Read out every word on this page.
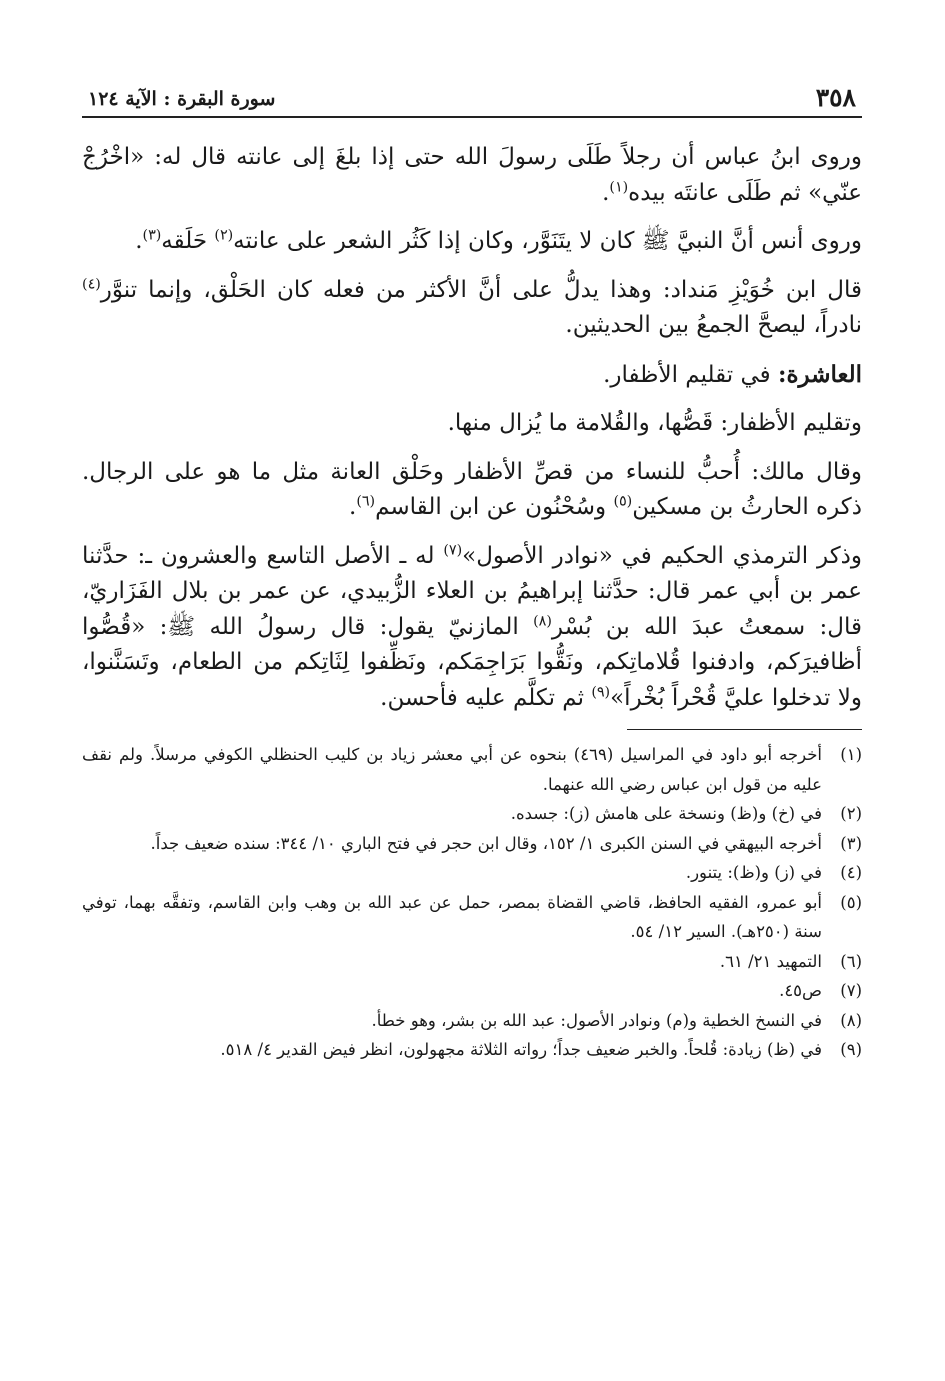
٣٥٨
سورة البقرة : الآية ١٢٤

وروى ابنُ عباس أن رجلاً طَلَى رسولَ الله حتى إذا بلغَ إلى عانته قال له: «اخْرُجْ عنّي» ثم طَلَى عانتَه بيده$^{(١)}$.

وروى أنس أنَّ النبيَّ ﷺ كان لا يتَنَوَّر، وكان إذا كَثُر الشعر على عانته$^{(٢)}$ حَلَقه$^{(٣)}$.

قال ابن خُوَيْزِ مَنداد: وهذا يدلُّ على أنَّ الأكثر من فعله كان الحَلْق، وإنما تنوَّر$^{(٤)}$ نادراً، ليصحَّ الجمعُ بين الحديثين.

العاشرة: في تقليم الأظفار.

وتقليم الأظفار: قَصُّها، والقُلامة ما يُزال منها.

وقال مالك: أُحبُّ للنساء من قصِّ الأظفار وحَلْق العانة مثل ما هو على الرجال. ذكره الحارثُ بن مسكين$^{(٥)}$ وسُحْنُون عن ابن القاسم$^{(٦)}$.

وذكر الترمذي الحكيم في «نوادر الأصول»$^{(٧)}$ له ـ الأصل التاسع والعشرون ـ: حدَّثنا عمر بن أبي عمر قال: حدَّثنا إبراهيمُ بن العلاء الزُّبيدي، عن عمر بن بلال الفَزَاريّ، قال: سمعتُ عبدَ الله بن بُسْر$^{(٨)}$ المازنيّ يقول: قال رسولُ الله ﷺ: «قُصُّوا أظافيرَكم، وادفنوا قُلاماتِكم، ونَقُّوا بَرَاجِمَكم، ونَظِّفوا لِثَاتِكم من الطعام، وتَسَنَّنوا، ولا تدخلوا عليَّ قُحْراً بُخْراً»$^{(٩)}$ ثم تكلَّم عليه فأحسن.

(١)
أخرجه أبو داود في المراسيل (٤٦٩) بنحوه عن أبي معشر زياد بن كليب الحنظلي الكوفي مرسلاً. ولم نقف عليه من قول ابن عباس رضي الله عنهما.
(٢)
في (خ) و(ظ) ونسخة على هامش (ز): جسده.
(٣)
أخرجه البيهقي في السنن الكبرى ١/ ١٥٢، وقال ابن حجر في فتح الباري ١٠/ ٣٤٤: سنده ضعيف جداً.
(٤)
في (ز) و(ظ): يتنور.
(٥)
أبو عمرو، الفقيه الحافظ، قاضي القضاة بمصر، حمل عن عبد الله بن وهب وابن القاسم، وتفقَّه بهما، توفي سنة (٢٥٠هـ). السير ١٢/ ٥٤.
(٦)
التمهيد ٢١/ ٦١.
(٧)
ص٤٥.
(٨)
في النسخ الخطية و(م) ونوادر الأصول: عبد الله بن بشر، وهو خطأ.
(٩)
في (ظ) زيادة: قُلحاً. والخبر ضعيف جداً؛ رواته الثلاثة مجهولون، انظر فيض القدير ٤/ ٥١٨.
